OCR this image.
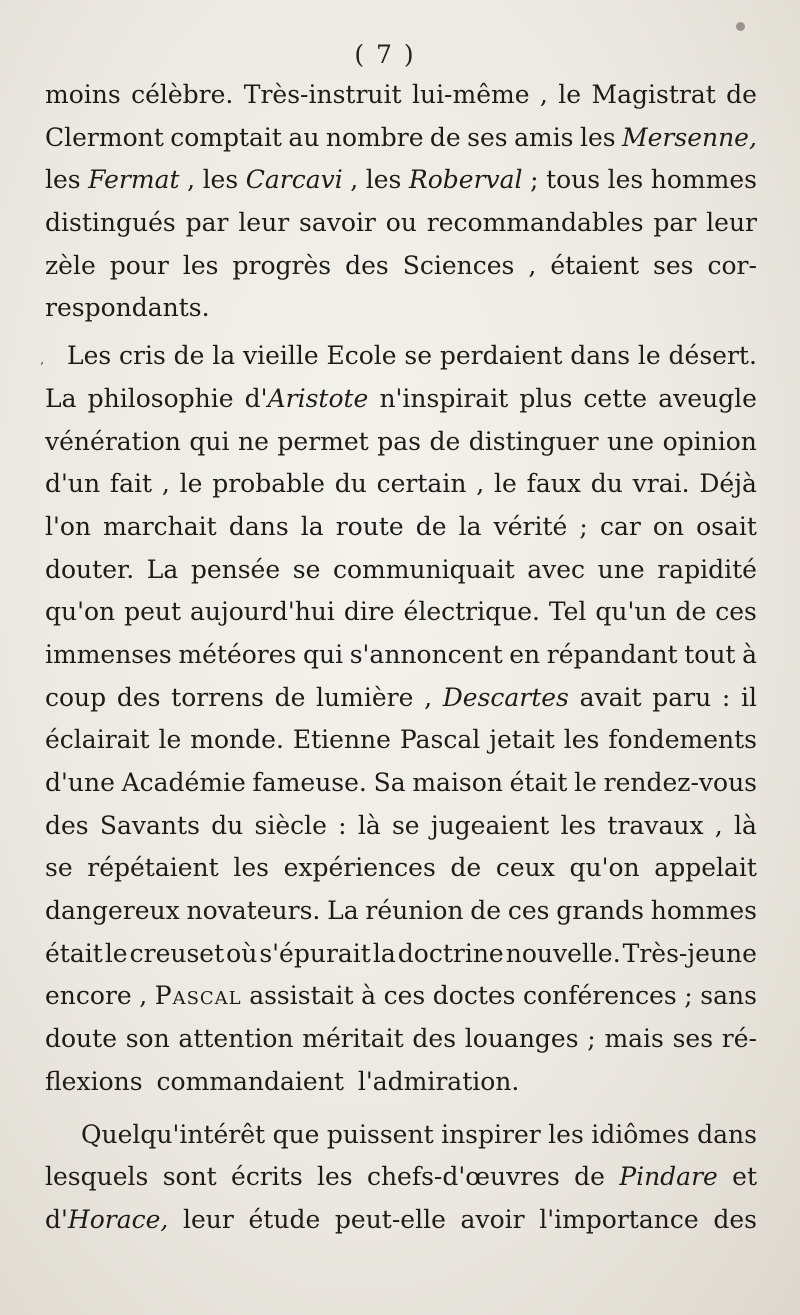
( 7 )
’
moins célèbre. Très-instruit lui-même , le Magistrat de
Clermont comptait au nombre de ses amis les Mersenne,
les Fermat , les Carcavi , les Roberval ; tous les hommes
distingués par leur savoir ou recommandables par leur
zèle pour les progrès des Sciences , étaient ses cor-
respondants.
Les cris de la vieille Ecole se perdaient dans le désert.
La philosophie d'Aristote n'inspirait plus cette aveugle
vénération qui ne permet pas de distinguer une opinion
d'un fait , le probable du certain , le faux du vrai. Déjà
l'on marchait dans la route de la vérité ; car on osait
douter. La pensée se communiquait avec une rapidité
qu'on peut aujourd'hui dire électrique. Tel qu'un de ces
immenses météores qui s'annoncent en répandant tout à
coup des torrens de lumière , Descartes avait paru : il
éclairait le monde. Etienne Pascal jetait les fondements
d'une Académie fameuse. Sa maison était le rendez-vous
des Savants du siècle : là se jugeaient les travaux , là
se répétaient les expériences de ceux qu'on appelait
dangereux novateurs. La réunion de ces grands hommes
était le creuset où s'épurait la doctrine nouvelle. Très-jeune
encore , Pascal assistait à ces doctes conférences ; sans
doute son attention méritait des louanges ; mais ses ré-
flexions commandaient l'admiration.
Quelqu'intérêt que puissent inspirer les idiômes dans
lesquels sont écrits les chefs-d'œuvres de Pindare et
d'Horace, leur étude peut-elle avoir l'importance des
